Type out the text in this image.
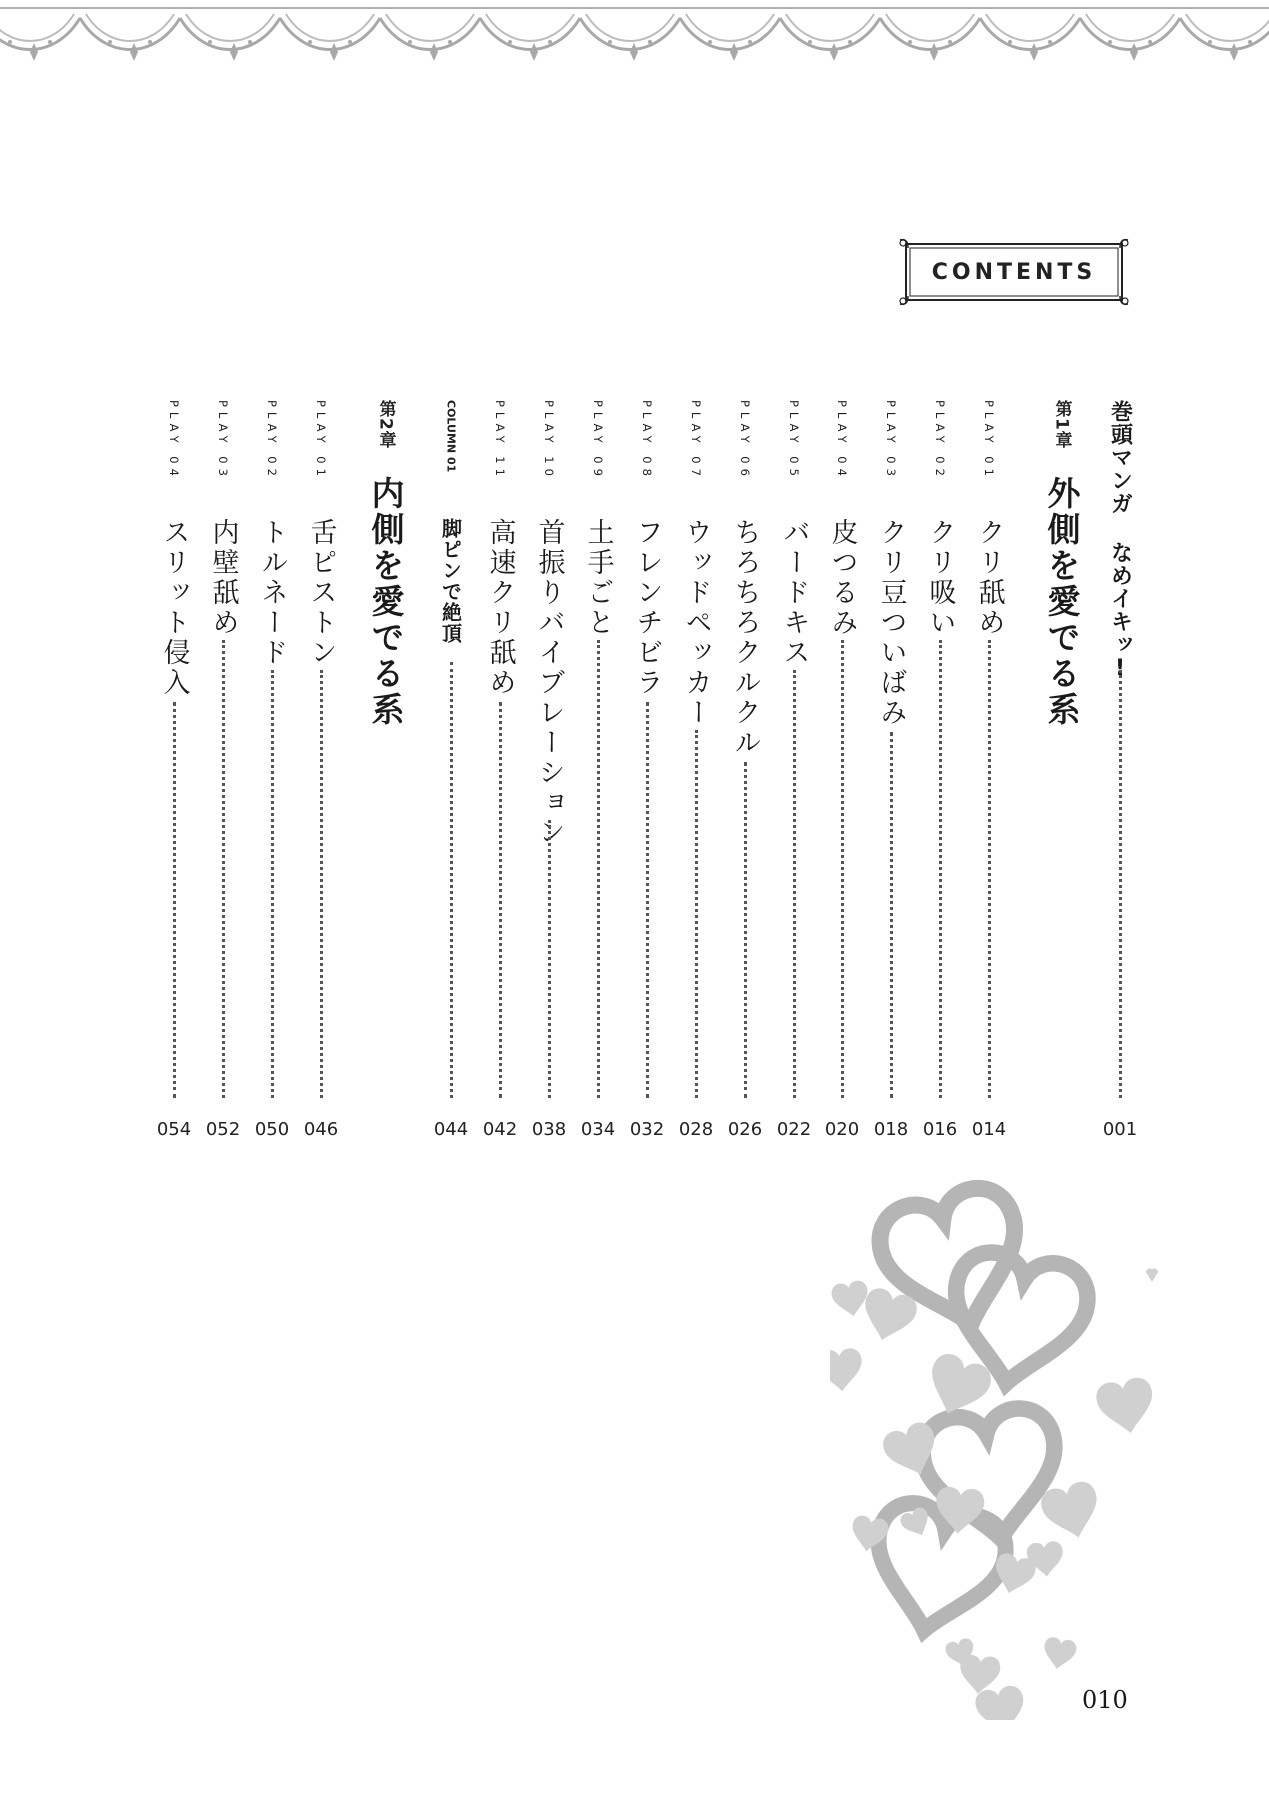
CONTENTS
巻頭マンガ なめイキッ!
001
第1章
外側を愛でる系
PLAY 01
クリ舐め
014
PLAY 02
クリ吸い
016
PLAY 03
クリ豆ついばみ
018
PLAY 04
皮つるみ
020
PLAY 05
バードキス
022
PLAY 06
ちろちろクルクル
026
PLAY 07
ウッドペッカー
028
PLAY 08
フレンチビラ
032
PLAY 09
土手ごと
034
PLAY 10
首振りバイブレーション
038
PLAY 11
高速クリ舐め
042
COLUMN 01
脚ピンで絶頂
044
第2章
内側を愛でる系
PLAY 01
舌ピストン
046
PLAY 02
トルネード
050
PLAY 03
内壁舐め
052
PLAY 04
スリット侵入
054
010
